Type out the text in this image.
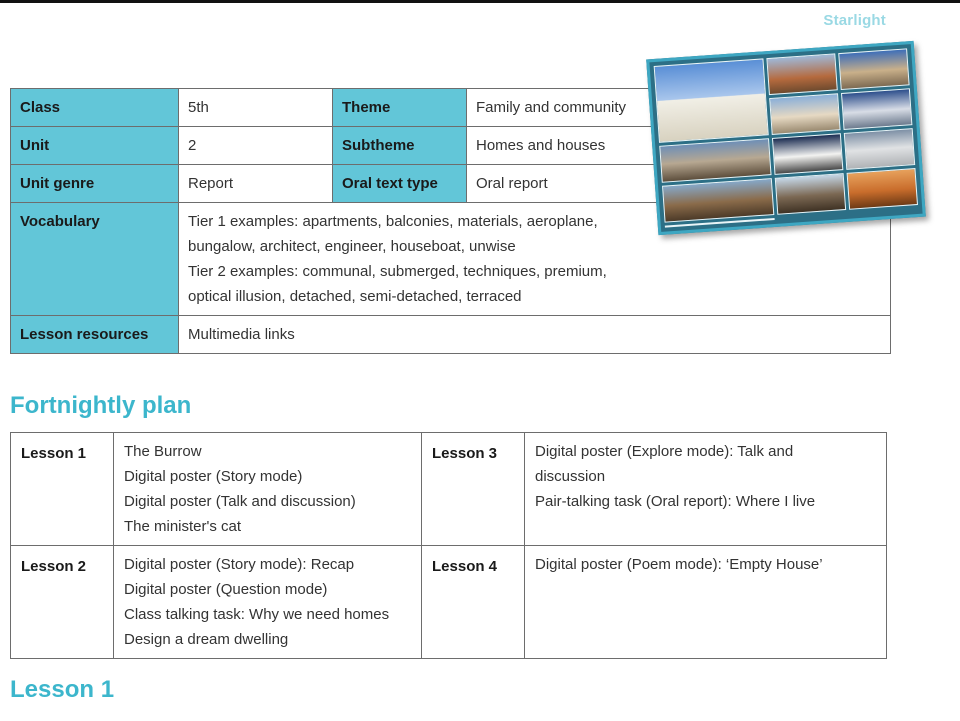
Starlight
Class	5th	Theme	Family and community
Unit	2	Subtheme	Homes and houses
Unit genre	Report	Oral text type	Oral report
Vocabulary	Tier 1 examples: apartments, balconies, materials, aeroplane,
bungalow, architect, engineer, houseboat, unwise
Tier 2 examples: communal, submerged, techniques, premium,
optical illusion, detached, semi-detached, terraced		

Lesson resources	Multimedia links		
Fortnightly plan
Lesson 1	The Burrow
Digital poster (Story mode)
Digital poster (Talk and discussion)
The minister's cat	Lesson 3	Digital poster (Explore mode): Talk and
discussion
Pair-talking task (Oral report): Where I live

Lesson 2	Digital poster (Story mode): Recap
Digital poster (Question mode)
Class talking task: Why we need homes
Design a dream dwelling	Lesson 4	Digital poster (Poem mode): ‘Empty House’
Lesson 1
